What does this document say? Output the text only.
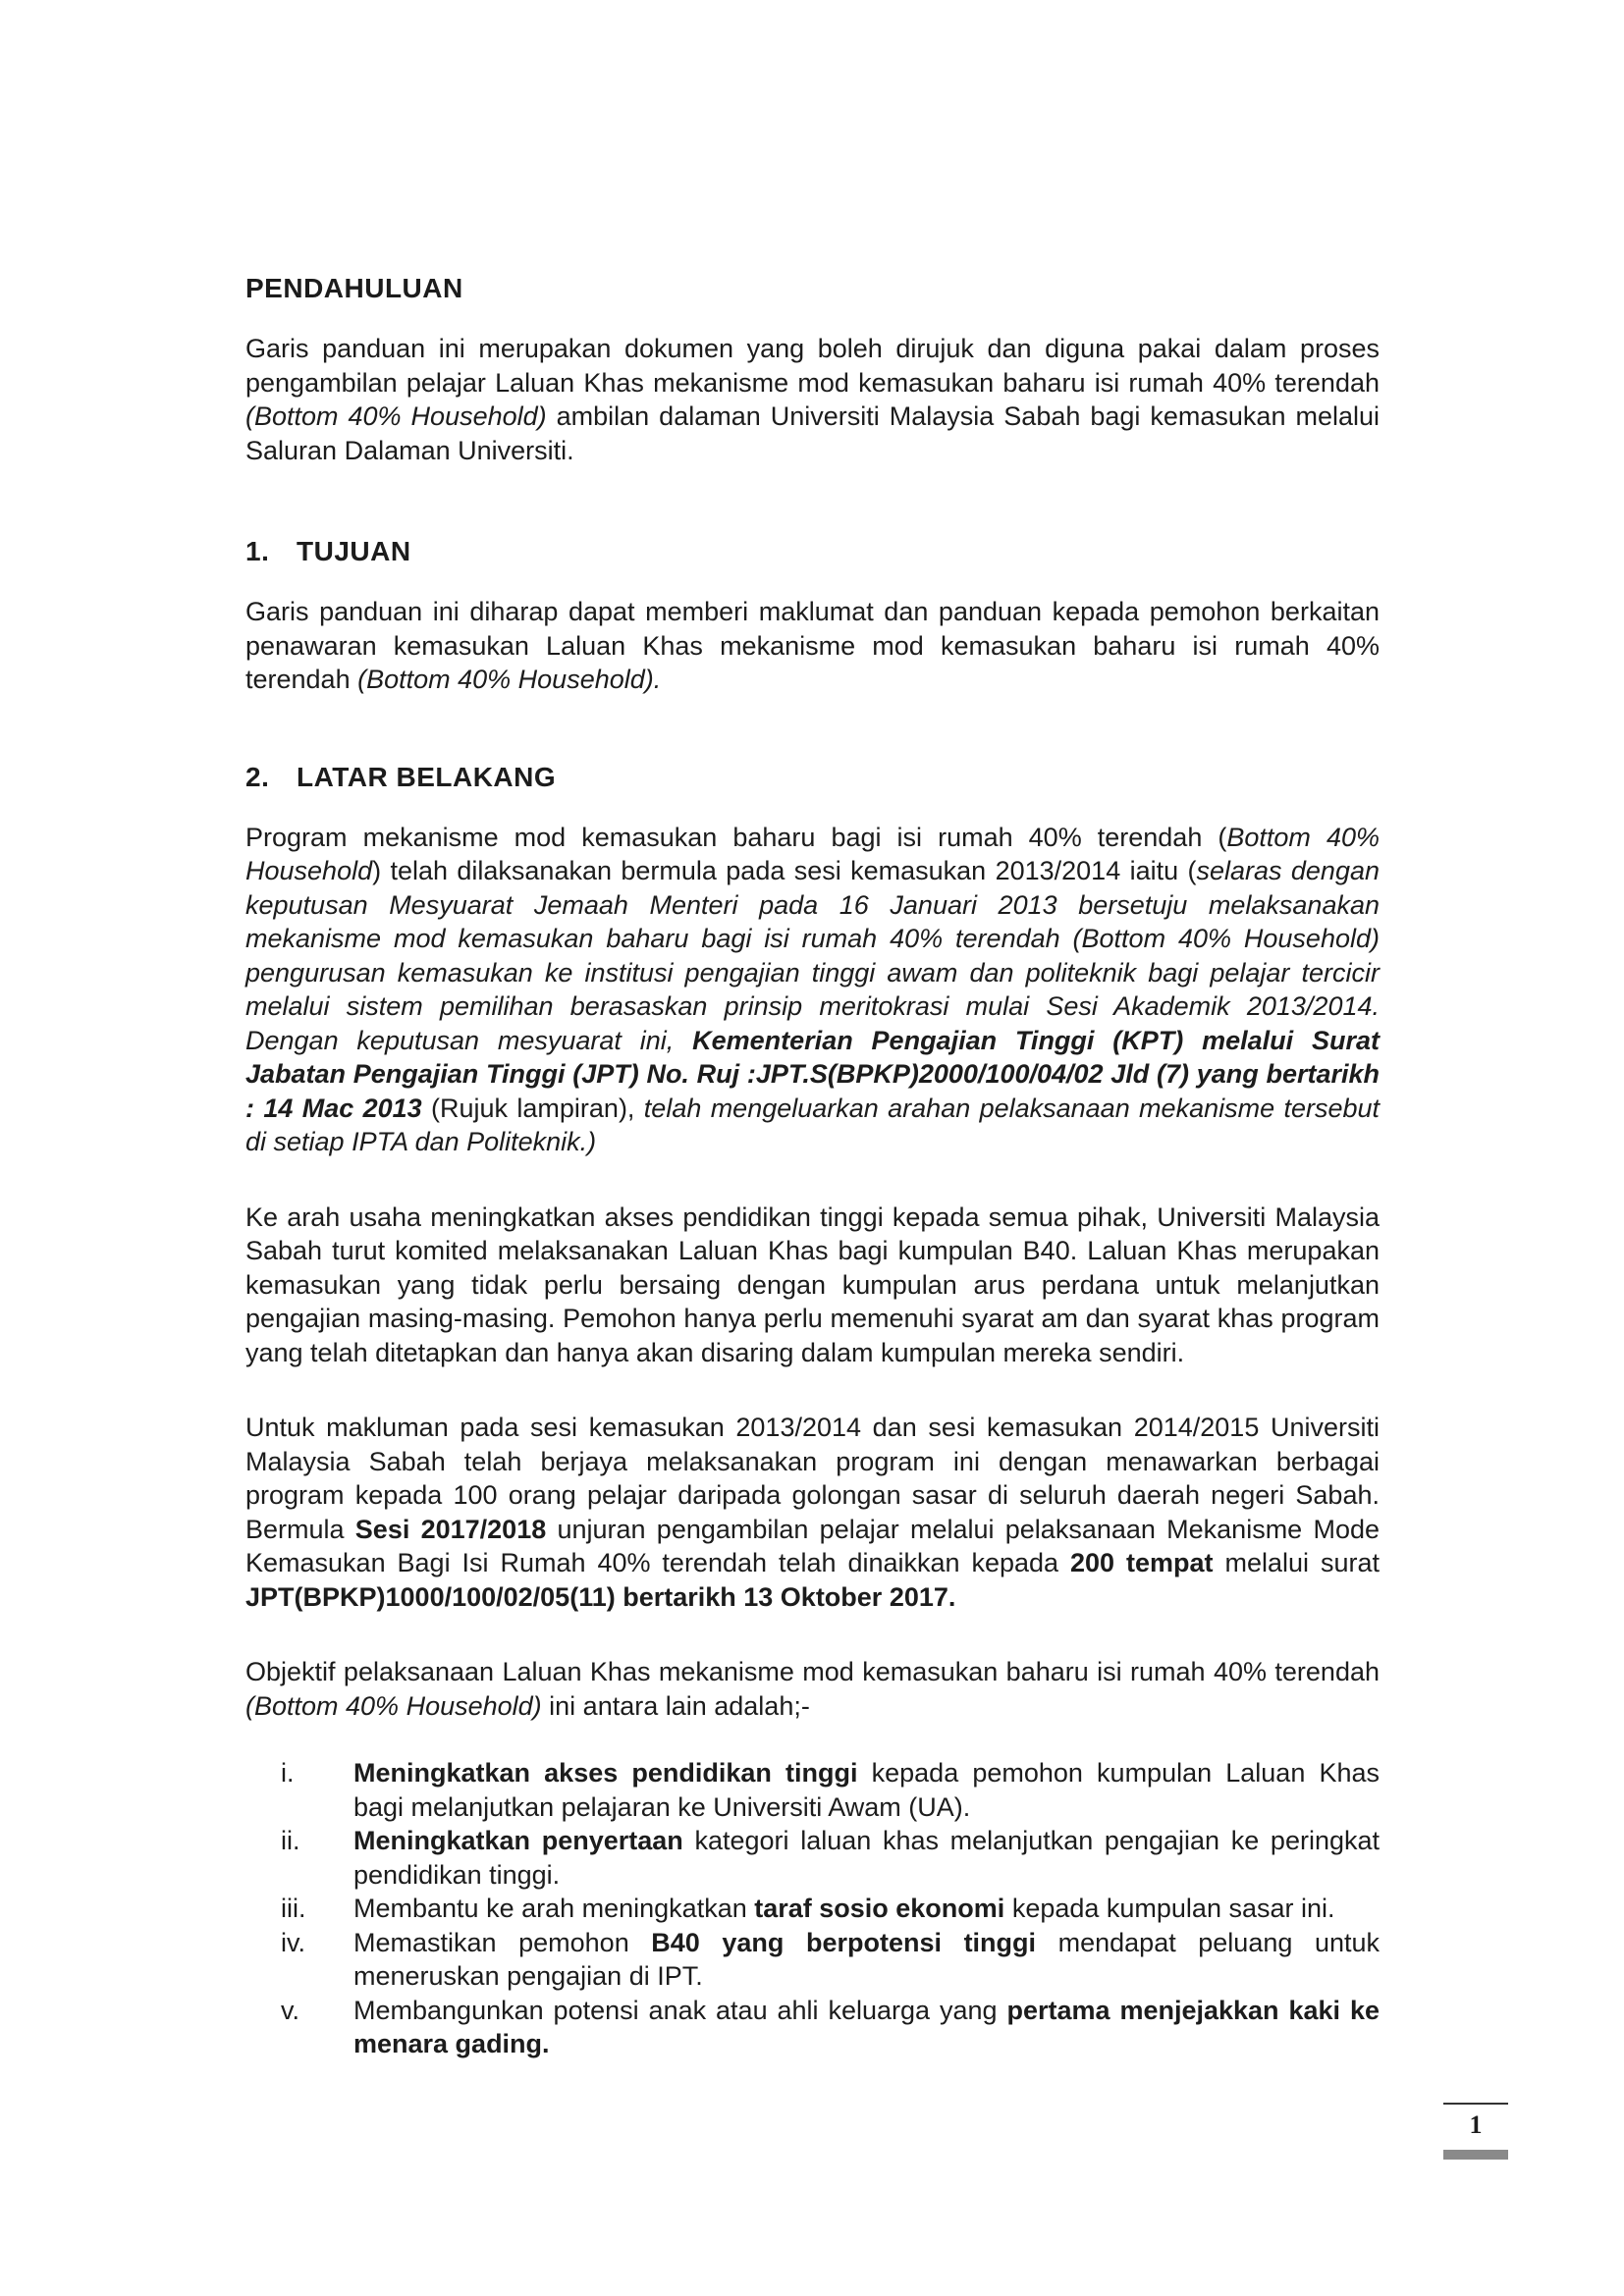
PENDAHULUAN

Garis panduan ini merupakan dokumen yang boleh dirujuk dan diguna pakai dalam proses pengambilan pelajar Laluan Khas mekanisme mod kemasukan baharu isi rumah 40% terendah (Bottom 40% Household) ambilan dalaman Universiti Malaysia Sabah bagi kemasukan melalui Saluran Dalaman Universiti.

1. TUJUAN

Garis panduan ini diharap dapat memberi maklumat dan panduan kepada pemohon berkaitan penawaran kemasukan Laluan Khas mekanisme mod kemasukan baharu isi rumah 40% terendah (Bottom 40% Household).

2. LATAR BELAKANG

Program mekanisme mod kemasukan baharu bagi isi rumah 40% terendah (Bottom 40% Household) telah dilaksanakan bermula pada sesi kemasukan 2013/2014 iaitu (selaras dengan keputusan Mesyuarat Jemaah Menteri pada 16 Januari 2013 bersetuju melaksanakan mekanisme mod kemasukan baharu bagi isi rumah 40% terendah (Bottom 40% Household) pengurusan kemasukan ke institusi pengajian tinggi awam dan politeknik bagi pelajar tercicir melalui sistem pemilihan berasaskan prinsip meritokrasi mulai Sesi Akademik 2013/2014. Dengan keputusan mesyuarat ini, Kementerian Pengajian Tinggi (KPT) melalui Surat Jabatan Pengajian Tinggi (JPT) No. Ruj :JPT.S(BPKP)2000/100/04/02 Jld (7) yang bertarikh : 14 Mac 2013 (Rujuk lampiran), telah mengeluarkan arahan pelaksanaan mekanisme tersebut di setiap IPTA dan Politeknik.)

Ke arah usaha meningkatkan akses pendidikan tinggi kepada semua pihak, Universiti Malaysia Sabah turut komited melaksanakan Laluan Khas bagi kumpulan B40. Laluan Khas merupakan kemasukan yang tidak perlu bersaing dengan kumpulan arus perdana untuk melanjutkan pengajian masing-masing. Pemohon hanya perlu memenuhi syarat am dan syarat khas program yang telah ditetapkan dan hanya akan disaring dalam kumpulan mereka sendiri.

Untuk makluman pada sesi kemasukan 2013/2014 dan sesi kemasukan 2014/2015 Universiti Malaysia Sabah telah berjaya melaksanakan program ini dengan menawarkan berbagai program kepada 100 orang pelajar daripada golongan sasar di seluruh daerah negeri Sabah. Bermula Sesi 2017/2018 unjuran pengambilan pelajar melalui pelaksanaan Mekanisme Mode Kemasukan Bagi Isi Rumah 40% terendah telah dinaikkan kepada 200 tempat melalui surat JPT(BPKP)1000/100/02/05(11) bertarikh 13 Oktober 2017.

Objektif pelaksanaan Laluan Khas mekanisme mod kemasukan baharu isi rumah 40% terendah (Bottom 40% Household) ini antara lain adalah;-

i.	Meningkatkan akses pendidikan tinggi kepada pemohon kumpulan Laluan Khas bagi melanjutkan pelajaran ke Universiti Awam (UA).
ii.	Meningkatkan penyertaan kategori laluan khas melanjutkan pengajian ke peringkat pendidikan tinggi.
iii.	Membantu ke arah meningkatkan taraf sosio ekonomi kepada kumpulan sasar ini.
iv.	Memastikan pemohon B40 yang berpotensi tinggi mendapat peluang untuk meneruskan pengajian di IPT.
v.	Membangunkan potensi anak atau ahli keluarga yang pertama menjejakkan kaki ke menara gading.
1
